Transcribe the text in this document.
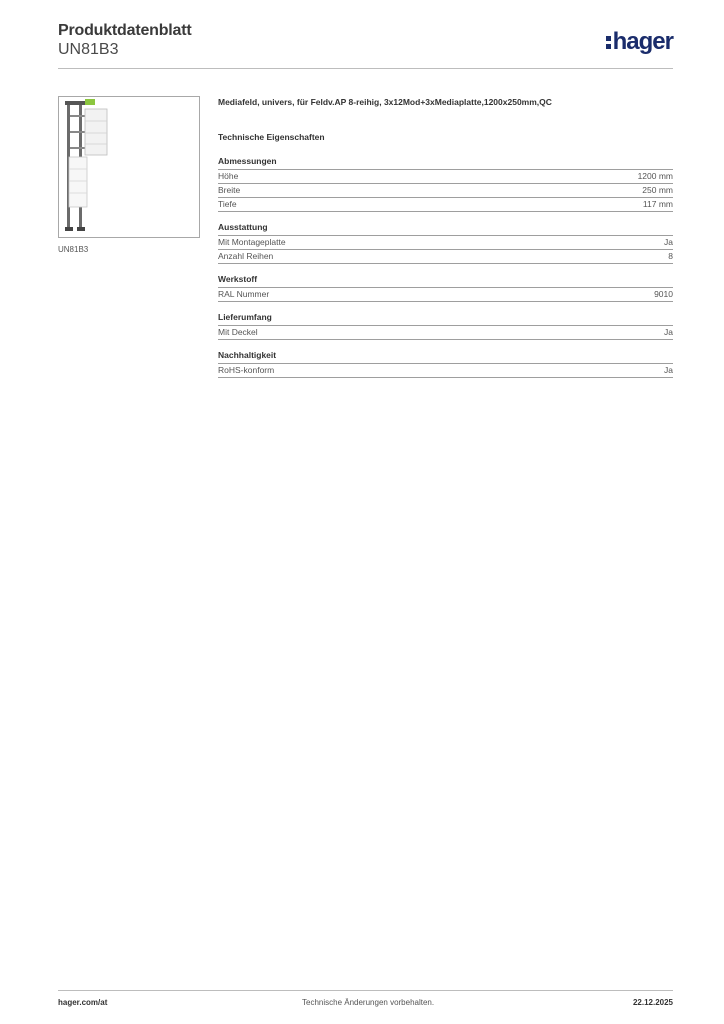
Produktdatenblatt
UN81B3	hager
UN81B3
Mediafeld, univers, für Feldv.AP 8-reihig, 3x12Mod+3xMediaplatte,1200x250mm,QC
Technische Eigenschaften
Abmessungen
Höhe	1200 mm
Breite	250 mm
Tiefe	117 mm
Ausstattung
Mit Montageplatte	Ja
Anzahl Reihen	8
Werkstoff
RAL Nummer	9010
Lieferumfang
Mit Deckel	Ja
Nachhaltigkeit
RoHS-konform	Ja
hager.com/at	Technische Änderungen vorbehalten.	22.12.2025
